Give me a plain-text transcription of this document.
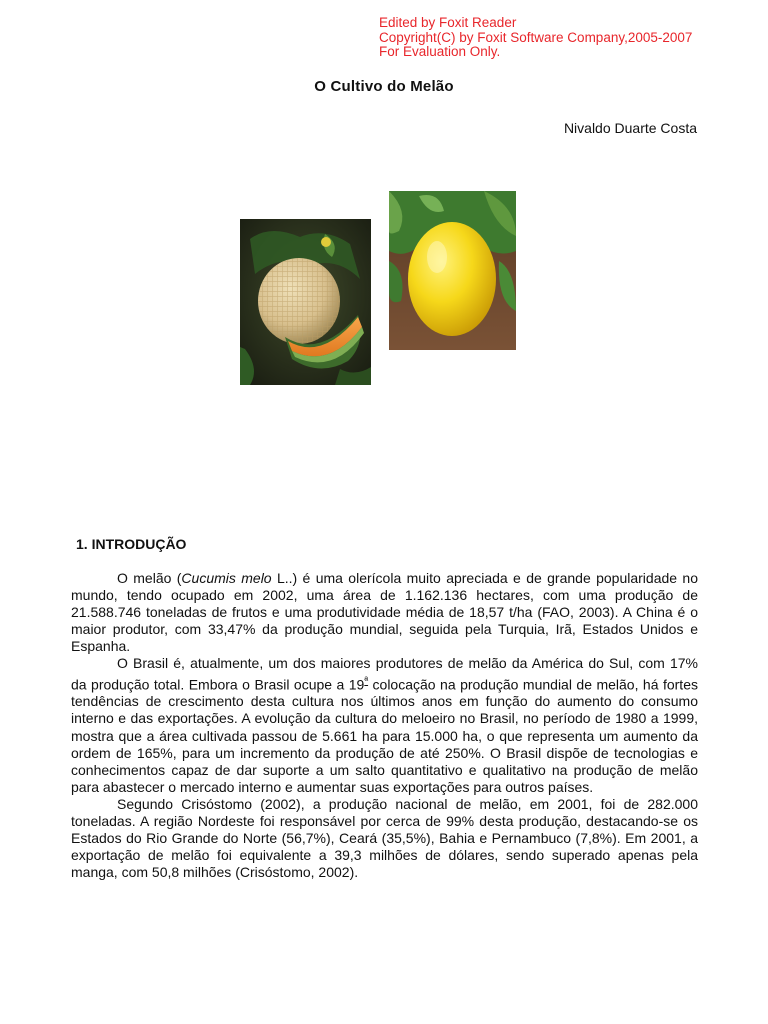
Edited by Foxit Reader
Copyright(C) by Foxit Software Company,2005-2007
For Evaluation Only.
O Cultivo do Melão
Nivaldo Duarte Costa
1. INTRODUÇÃO

O melão (Cucumis melo L..) é uma olerícola muito apreciada e de grande popularidade no mundo, tendo ocupado em 2002, uma área de 1.162.136 hectares, com uma produção de 21.588.746 toneladas de frutos e uma produtividade média de 18,57 t/ha (FAO, 2003). A China é o maior produtor, com 33,47% da produção mundial, seguida pela Turquia, Irã, Estados Unidos e Espanha.

O Brasil é, atualmente, um dos maiores produtores de melão da América do Sul, com 17% da produção total. Embora o Brasil ocupe a $19^ª$ colocação na produção mundial de melão, há fortes tendências de crescimento desta cultura nos últimos anos em função do aumento do consumo interno e das exportações. A evolução da cultura do meloeiro no Brasil, no período de 1980 a 1999, mostra que a área cultivada passou de 5.661 ha para 15.000 ha, o que representa um aumento da ordem de 165%, para um incremento da produção de até 250%. O Brasil dispõe de tecnologias e conhecimentos capaz de dar suporte a um salto quantitativo e qualitativo na produção de melão para abastecer o mercado interno e aumentar suas exportações para outros países.

Segundo Crisóstomo (2002), a produção nacional de melão, em 2001, foi de 282.000 toneladas. A região Nordeste foi responsável por cerca de 99% desta produção, destacando-se os Estados do Rio Grande do Norte (56,7%), Ceará (35,5%), Bahia e Pernambuco (7,8%). Em 2001, a exportação de melão foi equivalente a 39,3 milhões de dólares, sendo superado apenas pela manga, com 50,8 milhões (Crisóstomo, 2002).
